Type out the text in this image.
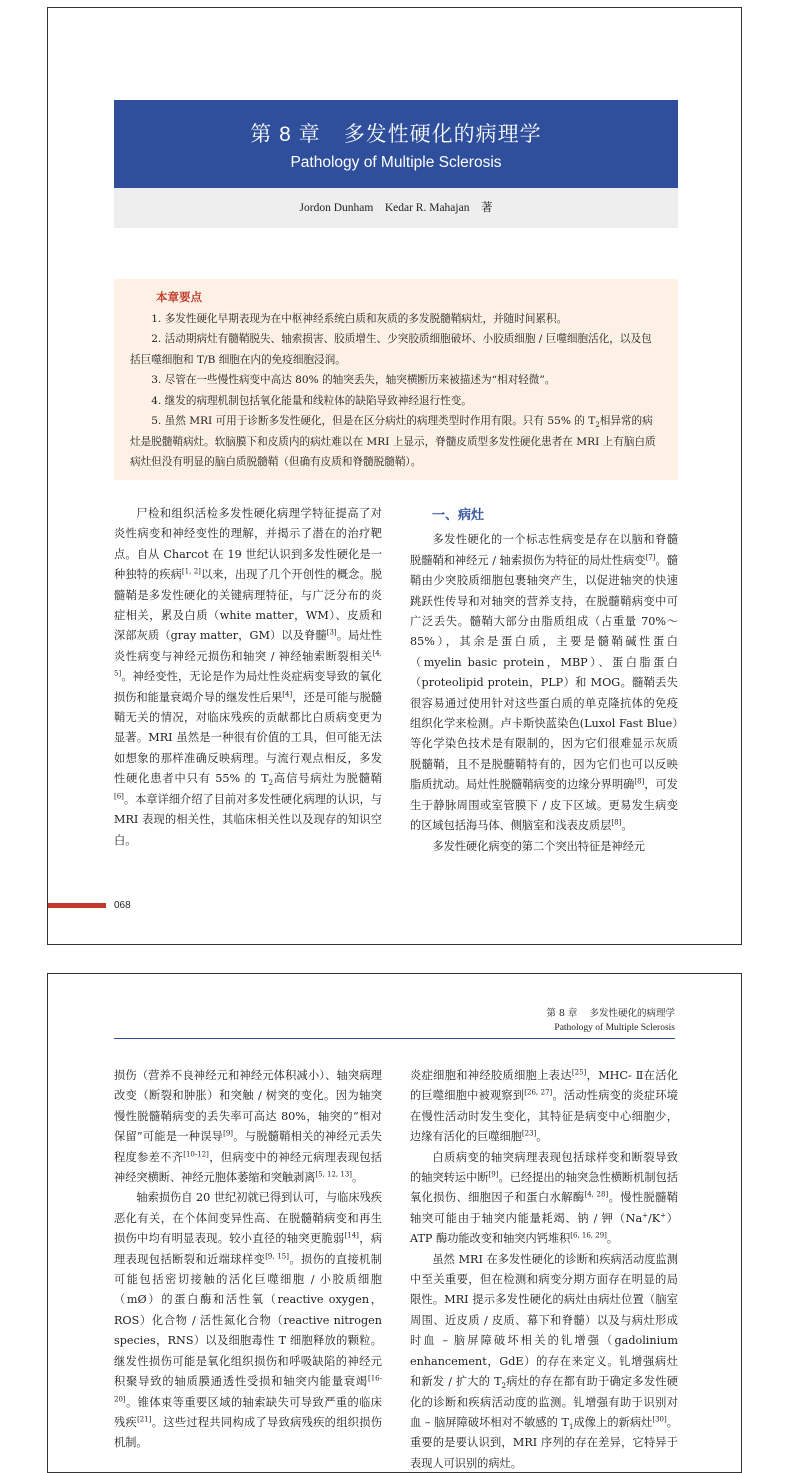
第 8 章 多发性硬化的病理学
Pathology of Multiple Sclerosis
Jordon Dunham    Kedar R. Mahajan    著
本章要点

1. 多发性硬化早期表现为在中枢神经系统白质和灰质的多发脱髓鞘病灶，并随时间累积。

2. 活动期病灶有髓鞘脱失、轴索损害、胶质增生、少突胶质细胞破坏、小胶质细胞 / 巨噬细胞活化，以及包括巨噬细胞和 T/B 细胞在内的免疫细胞浸润。

3. 尽管在一些慢性病变中高达 80% 的轴突丢失，轴突横断历来被描述为“相对轻微”。

4. 继发的病理机制包括氧化能量和线粒体的缺陷导致神经退行性变。

5. 虽然 MRI 可用于诊断多发性硬化，但是在区分病灶的病理类型时作用有限。只有 55% 的 $T_2$相异常的病灶是脱髓鞘病灶。软脑膜下和皮质内的病灶难以在 MRI 上显示，脊髓皮质型多发性硬化患者在 MRI 上有脑白质病灶但没有明显的脑白质脱髓鞘（但确有皮质和脊髓脱髓鞘）。

尸检和组织活检多发性硬化病理学特征提高了对炎性病变和神经变性的理解，并揭示了潜在的治疗靶点。自从 Charcot 在 19 世纪认识到多发性硬化是一种独特的疾病[1, 2]以来，出现了几个开创性的概念。脱髓鞘是多发性硬化的关键病理特征，与广泛分布的炎症相关，累及白质（white matter，WM）、皮质和深部灰质（gray matter，GM）以及脊髓[3]。局灶性炎性病变与神经元损伤和轴突 / 神经轴索断裂相关[4, 5]。神经变性，无论是作为局灶性炎症病变导致的氧化损伤和能量衰竭介导的继发性后果[4]，还是可能与脱髓鞘无关的情况，对临床残疾的贡献都比白质病变更为显著。MRI 虽然是一种很有价值的工具，但可能无法如想象的那样准确反映病理。与流行观点相反，多发性硬化患者中只有 55% 的 $T_2$高信号病灶为脱髓鞘[6]。本章详细介绍了目前对多发性硬化病理的认识，与 MRI 表现的相关性，其临床相关性以及现存的知识空白。

一、病灶

多发性硬化的一个标志性病变是存在以脑和脊髓脱髓鞘和神经元 / 轴索损伤为特征的局灶性病变[7]。髓鞘由少突胶质细胞包裹轴突产生，以促进轴突的快速跳跃性传导和对轴突的营养支持，在脱髓鞘病变中可广泛丢失。髓鞘大部分由脂质组成（占重量 70%～85%），其余是蛋白质，主要是髓鞘碱性蛋白（myelin basic protein，MBP）、蛋白脂蛋白（proteolipid protein，PLP）和 MOG。髓鞘丢失很容易通过使用针对这些蛋白质的单克隆抗体的免疫组织化学来检测。卢卡斯快蓝染色(Luxol Fast Blue）等化学染色技术是有限制的，因为它们很难显示灰质脱髓鞘，且不是脱髓鞘特有的，因为它们也可以反映脂质扰动。局灶性脱髓鞘病变的边缘分界明确[8]，可发生于静脉周围或室管膜下 / 皮下区域。更易发生病变的区域包括海马体、侧脑室和浅表皮质层[8]。

多发性硬化病变的第二个突出特征是神经元

068
第 8 章    多发性硬化的病理学
Pathology of Multiple Sclerosis

损伤（营养不良神经元和神经元体积减小）、轴突病理改变（断裂和肿胀）和突触 / 树突的变化。因为轴突慢性脱髓鞘病变的丢失率可高达 80%，轴突的“相对保留”可能是一种误导[9]。与脱髓鞘相关的神经元丢失程度参差不齐[10-12]，但病变中的神经元病理表现包括神经突横断、神经元胞体萎缩和突触剥离[5, 12, 13]。

轴索损伤自 20 世纪初就已得到认可，与临床残疾恶化有关，在个体间变异性高、在脱髓鞘病变和再生损伤中均有明显表现。较小直径的轴突更脆弱[14]，病理表现包括断裂和近端球样变[9, 15]。损伤的直接机制可能包括密切接触的活化巨噬细胞 / 小胶质细胞（mØ）的蛋白酶和活性氧（reactive oxygen，ROS）化合物 / 活性氮化合物（reactive nitrogen species，RNS）以及细胞毒性 T 细胞释放的颗粒。继发性损伤可能是氧化组织损伤和呼吸缺陷的神经元积聚导致的轴质膜通透性受损和轴突内能量衰竭[16-20]。锥体束等重要区域的轴索缺失可导致严重的临床残疾[21]。这些过程共同构成了导致病残疾的组织损伤机制。

炎症细胞和神经胶质细胞上表达[25]，MHC- Ⅱ在活化的巨噬细胞中被观察到[26, 27]。活动性病变的炎症环境在慢性活动时发生变化，其特征是病变中心细胞少，边缘有活化的巨噬细胞[23]。

白质病变的轴突病理表现包括球样变和断裂导致的轴突转运中断[9]。已经提出的轴突急性横断机制包括氧化损伤、细胞因子和蛋白水解酶[4, 28]。慢性脱髓鞘轴突可能由于轴突内能量耗竭、钠 / 钾（Na+/K+）ATP 酶功能改变和轴突内钙堆积[6, 16, 29]。

虽然 MRI 在多发性硬化的诊断和疾病活动度监测中至关重要，但在检测和病变分期方面存在明显的局限性。MRI 提示多发性硬化的病灶由病灶位置（脑室周围、近皮质 / 皮质、幕下和脊髓）以及与病灶形成时血 – 脑屏障破坏相关的钆增强（gadolinium enhancement，GdE）的存在来定义。钆增强病灶和新发 / 扩大的 $T_2$病灶的存在都有助于确定多发性硬化的诊断和疾病活动度的监测。钆增强有助于识别对血 – 脑屏障破坏相对不敏感的 $T_1$成像上的新病灶[30]。重要的是要认识到，MRI 序列的存在差异，它特异于表现人可识别的病灶。
